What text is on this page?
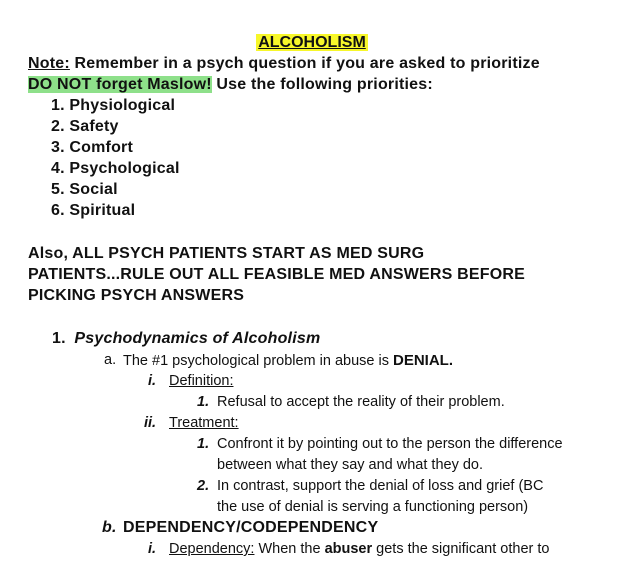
ALCOHOLISM
Note: Remember in a psych question if you are asked to prioritize
DO NOT forget Maslow! Use the following priorities:
1. Physiological
2. Safety
3. Comfort
4. Psychological
5. Social
6. Spiritual
Also, ALL PSYCH PATIENTS START AS MED SURG
PATIENTS...RULE OUT ALL FEASIBLE MED ANSWERS BEFORE
PICKING PSYCH ANSWERS
1. Psychodynamics of Alcoholism
a. The #1 psychological problem in abuse is DENIAL.
i. Definition:
1. Refusal to accept the reality of their problem.
ii. Treatment:
1. Confront it by pointing out to the person the difference
between what they say and what they do.
2. In contrast, support the denial of loss and grief (BC
the use of denial is serving a functioning person)
b. DEPENDENCY/CODEPENDENCY
i. Dependency: When the abuser gets the significant other to
